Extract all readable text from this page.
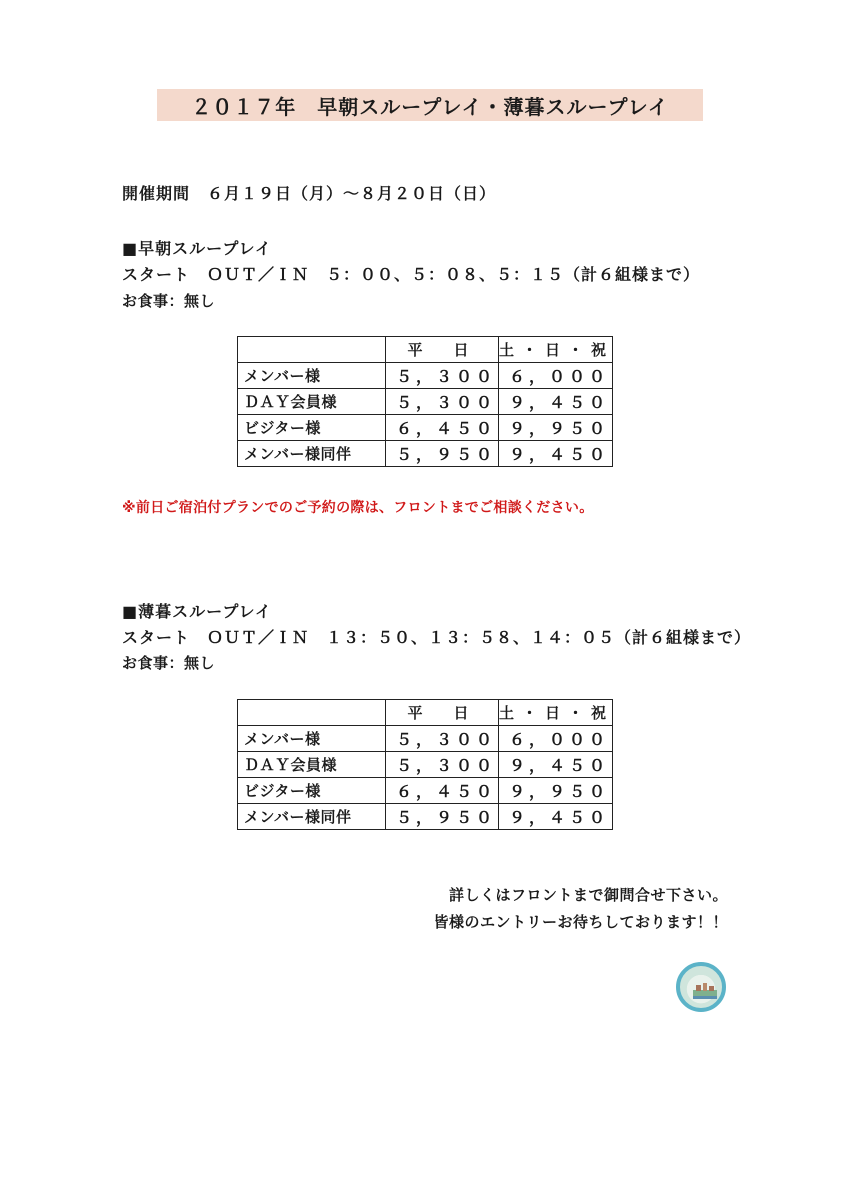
２０１７年　早朝スループレイ・薄暮スループレイ
開催期間　６月１９日（月）～８月２０日（日）
■早朝スループレイ
スタート　ＯＵＴ／ＩＮ　５：００、５：０８、５：１５（計６組様まで）
お食事：無し
	平　日	土・日・祝
メンバー様	５，３００	６，０００
ＤＡＹ会員様	５，３００	９，４５０
ビジター様	６，４５０	９，９５０
メンバー様同伴	５，９５０	９，４５０
※前日ご宿泊付プランでのご予約の際は、フロントまでご相談ください。
■薄暮スループレイ
スタート　ＯＵＴ／ＩＮ　１３：５０、１３：５８、１４：０５（計６組様まで）
お食事：無し
	平　日	土・日・祝
メンバー様	５，３００	６，０００
ＤＡＹ会員様	５，３００	９，４５０
ビジター様	６，４５０	９，９５０
メンバー様同伴	５，９５０	９，４５０
詳しくはフロントまで御問合せ下さい。
皆様のエントリーお待ちしております！！
